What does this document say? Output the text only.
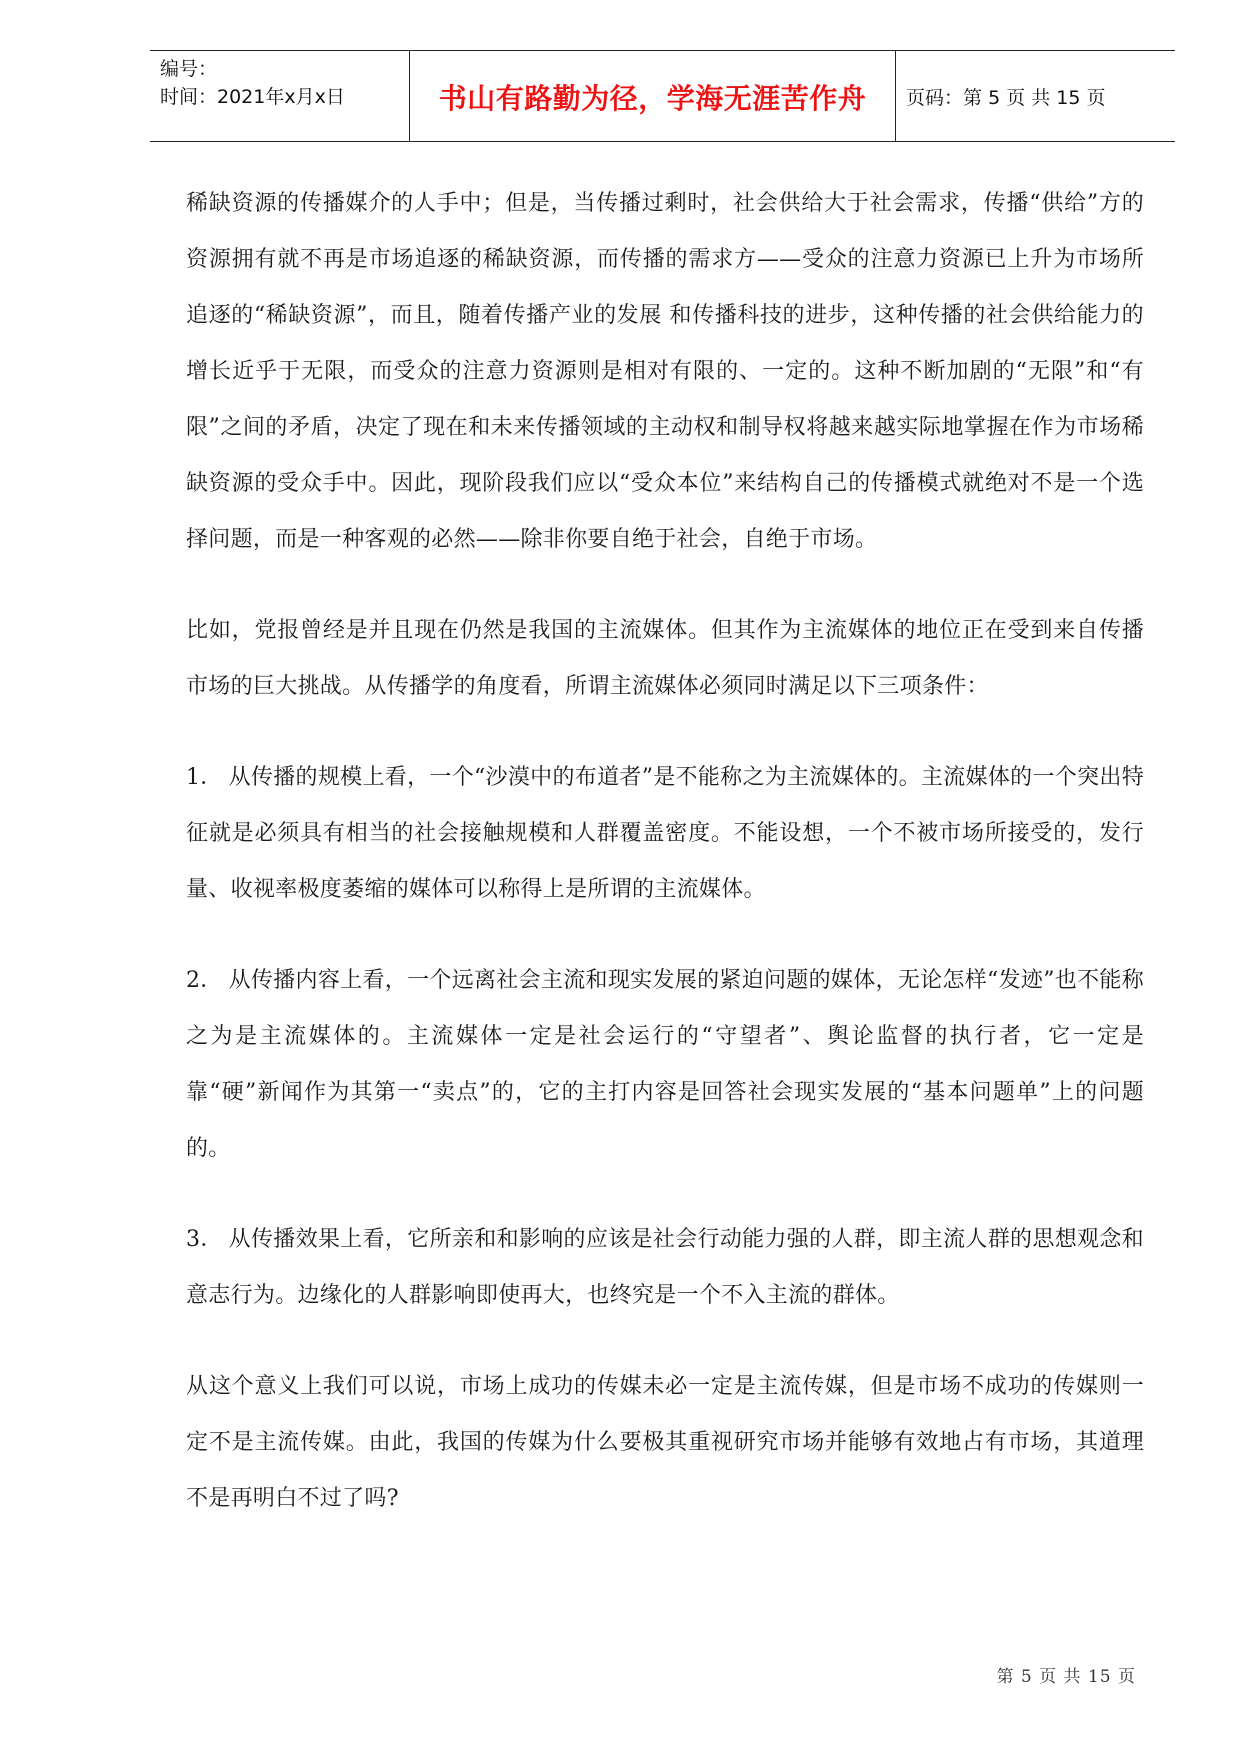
编号：
时间：2021年x月x日	书山有路勤为径，学海无涯苦作舟	页码：第 5 页 共 15 页

稀缺资源的传播媒介的人手中；但是，当传播过剩时，社会供给大于社会需求，传播“供给”方的资源拥有就不再是市场追逐的稀缺资源，而传播的需求方——受众的注意力资源已上升为市场所追逐的“稀缺资源”，而且，随着传播产业的发展 和传播科技的进步，这种传播的社会供给能力的增长近乎于无限，而受众的注意力资源则是相对有限的、一定的。这种不断加剧的“无限”和“有限”之间的矛盾，决定了现在和未来传播领域的主动权和制导权将越来越实际地掌握在作为市场稀缺资源的受众手中。因此，现阶段我们应以“受众本位”来结构自己的传播模式就绝对不是一个选择问题，而是一种客观的必然——除非你要自绝于社会，自绝于市场。

比如，党报曾经是并且现在仍然是我国的主流媒体。但其作为主流媒体的地位正在受到来自传播市场的巨大挑战。从传播学的角度看，所谓主流媒体必须同时满足以下三项条件：

1． 从传播的规模上看，一个“沙漠中的布道者”是不能称之为主流媒体的。主流媒体的一个突出特征就是必须具有相当的社会接触规模和人群覆盖密度。不能设想，一个不被市场所接受的，发行量、收视率极度萎缩的媒体可以称得上是所谓的主流媒体。

2． 从传播内容上看，一个远离社会主流和现实发展的紧迫问题的媒体，无论怎样“发迹”也不能称之为是主流媒体的。主流媒体一定是社会运行的“守望者”、舆论监督的执行者，它一定是靠“硬”新闻作为其第一“卖点”的，它的主打内容是回答社会现实发展的“基本问题单”上的问题的。

3． 从传播效果上看，它所亲和和影响的应该是社会行动能力强的人群，即主流人群的思想观念和意志行为。边缘化的人群影响即使再大，也终究是一个不入主流的群体。

从这个意义上我们可以说，市场上成功的传媒未必一定是主流传媒，但是市场不成功的传媒则一定不是主流传媒。由此，我国的传媒为什么要极其重视研究市场并能够有效地占有市场，其道理不是再明白不过了吗?

第 5 页 共 15 页
